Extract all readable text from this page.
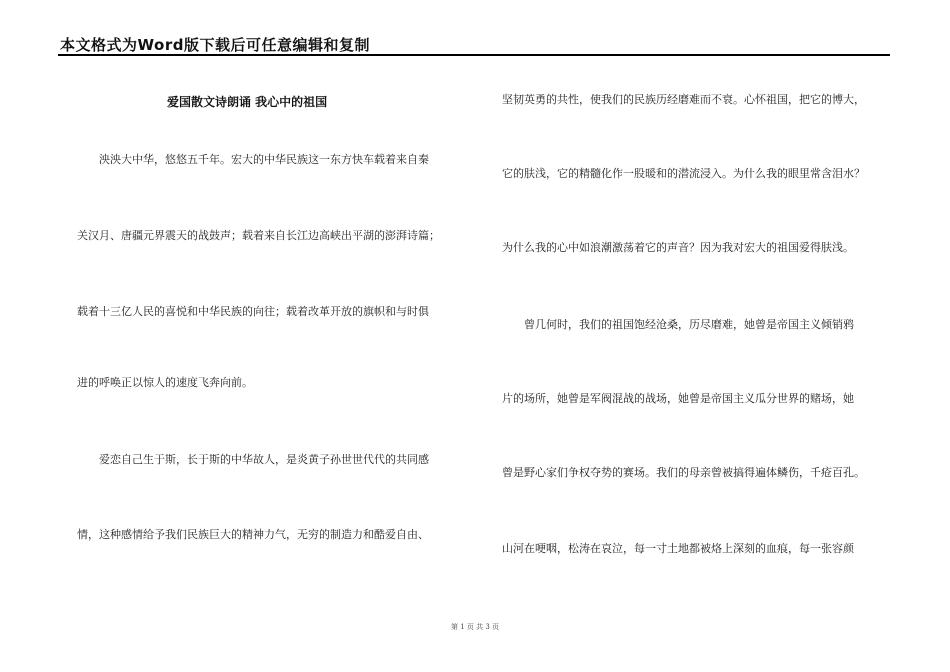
本文格式为Word版下载后可任意编辑和复制
爱国散文诗朗诵 我心中的祖国
泱泱大中华，悠悠五千年。宏大的中华民族这一东方快车载着来自秦
关汉月、唐疆元界震天的战鼓声；载着来自长江边高峡出平湖的澎湃诗篇；
载着十三亿人民的喜悦和中华民族的向往；载着改革开放的旗帜和与时俱
进的呼唤正以惊人的速度飞奔向前。
爱恋自己生于斯，长于斯的中华故人，是炎黄子孙世世代代的共同感
情，这种感情给予我们民族巨大的精神力气，无穷的制造力和酷爱自由、
坚韧英勇的共性，使我们的民族历经磨难而不衰。心怀祖国，把它的博大，
它的肤浅，它的精髓化作一股暖和的潜流浸入。为什么我的眼里常含泪水？
为什么我的心中如浪潮激荡着它的声音？因为我对宏大的祖国爱得肤浅。
曾几何时，我们的祖国饱经沧桑，历尽磨难，她曾是帝国主义倾销鸦
片的场所，她曾是军阀混战的战场，她曾是帝国主义瓜分世界的赌场，她
曾是野心家们争权夺势的赛场。我们的母亲曾被搞得遍体鳞伤，千疮百孔。
山河在哽咽，松涛在哀泣，每一寸土地都被烙上深刻的血痕，每一张容颜
第 1 页 共 3 页
